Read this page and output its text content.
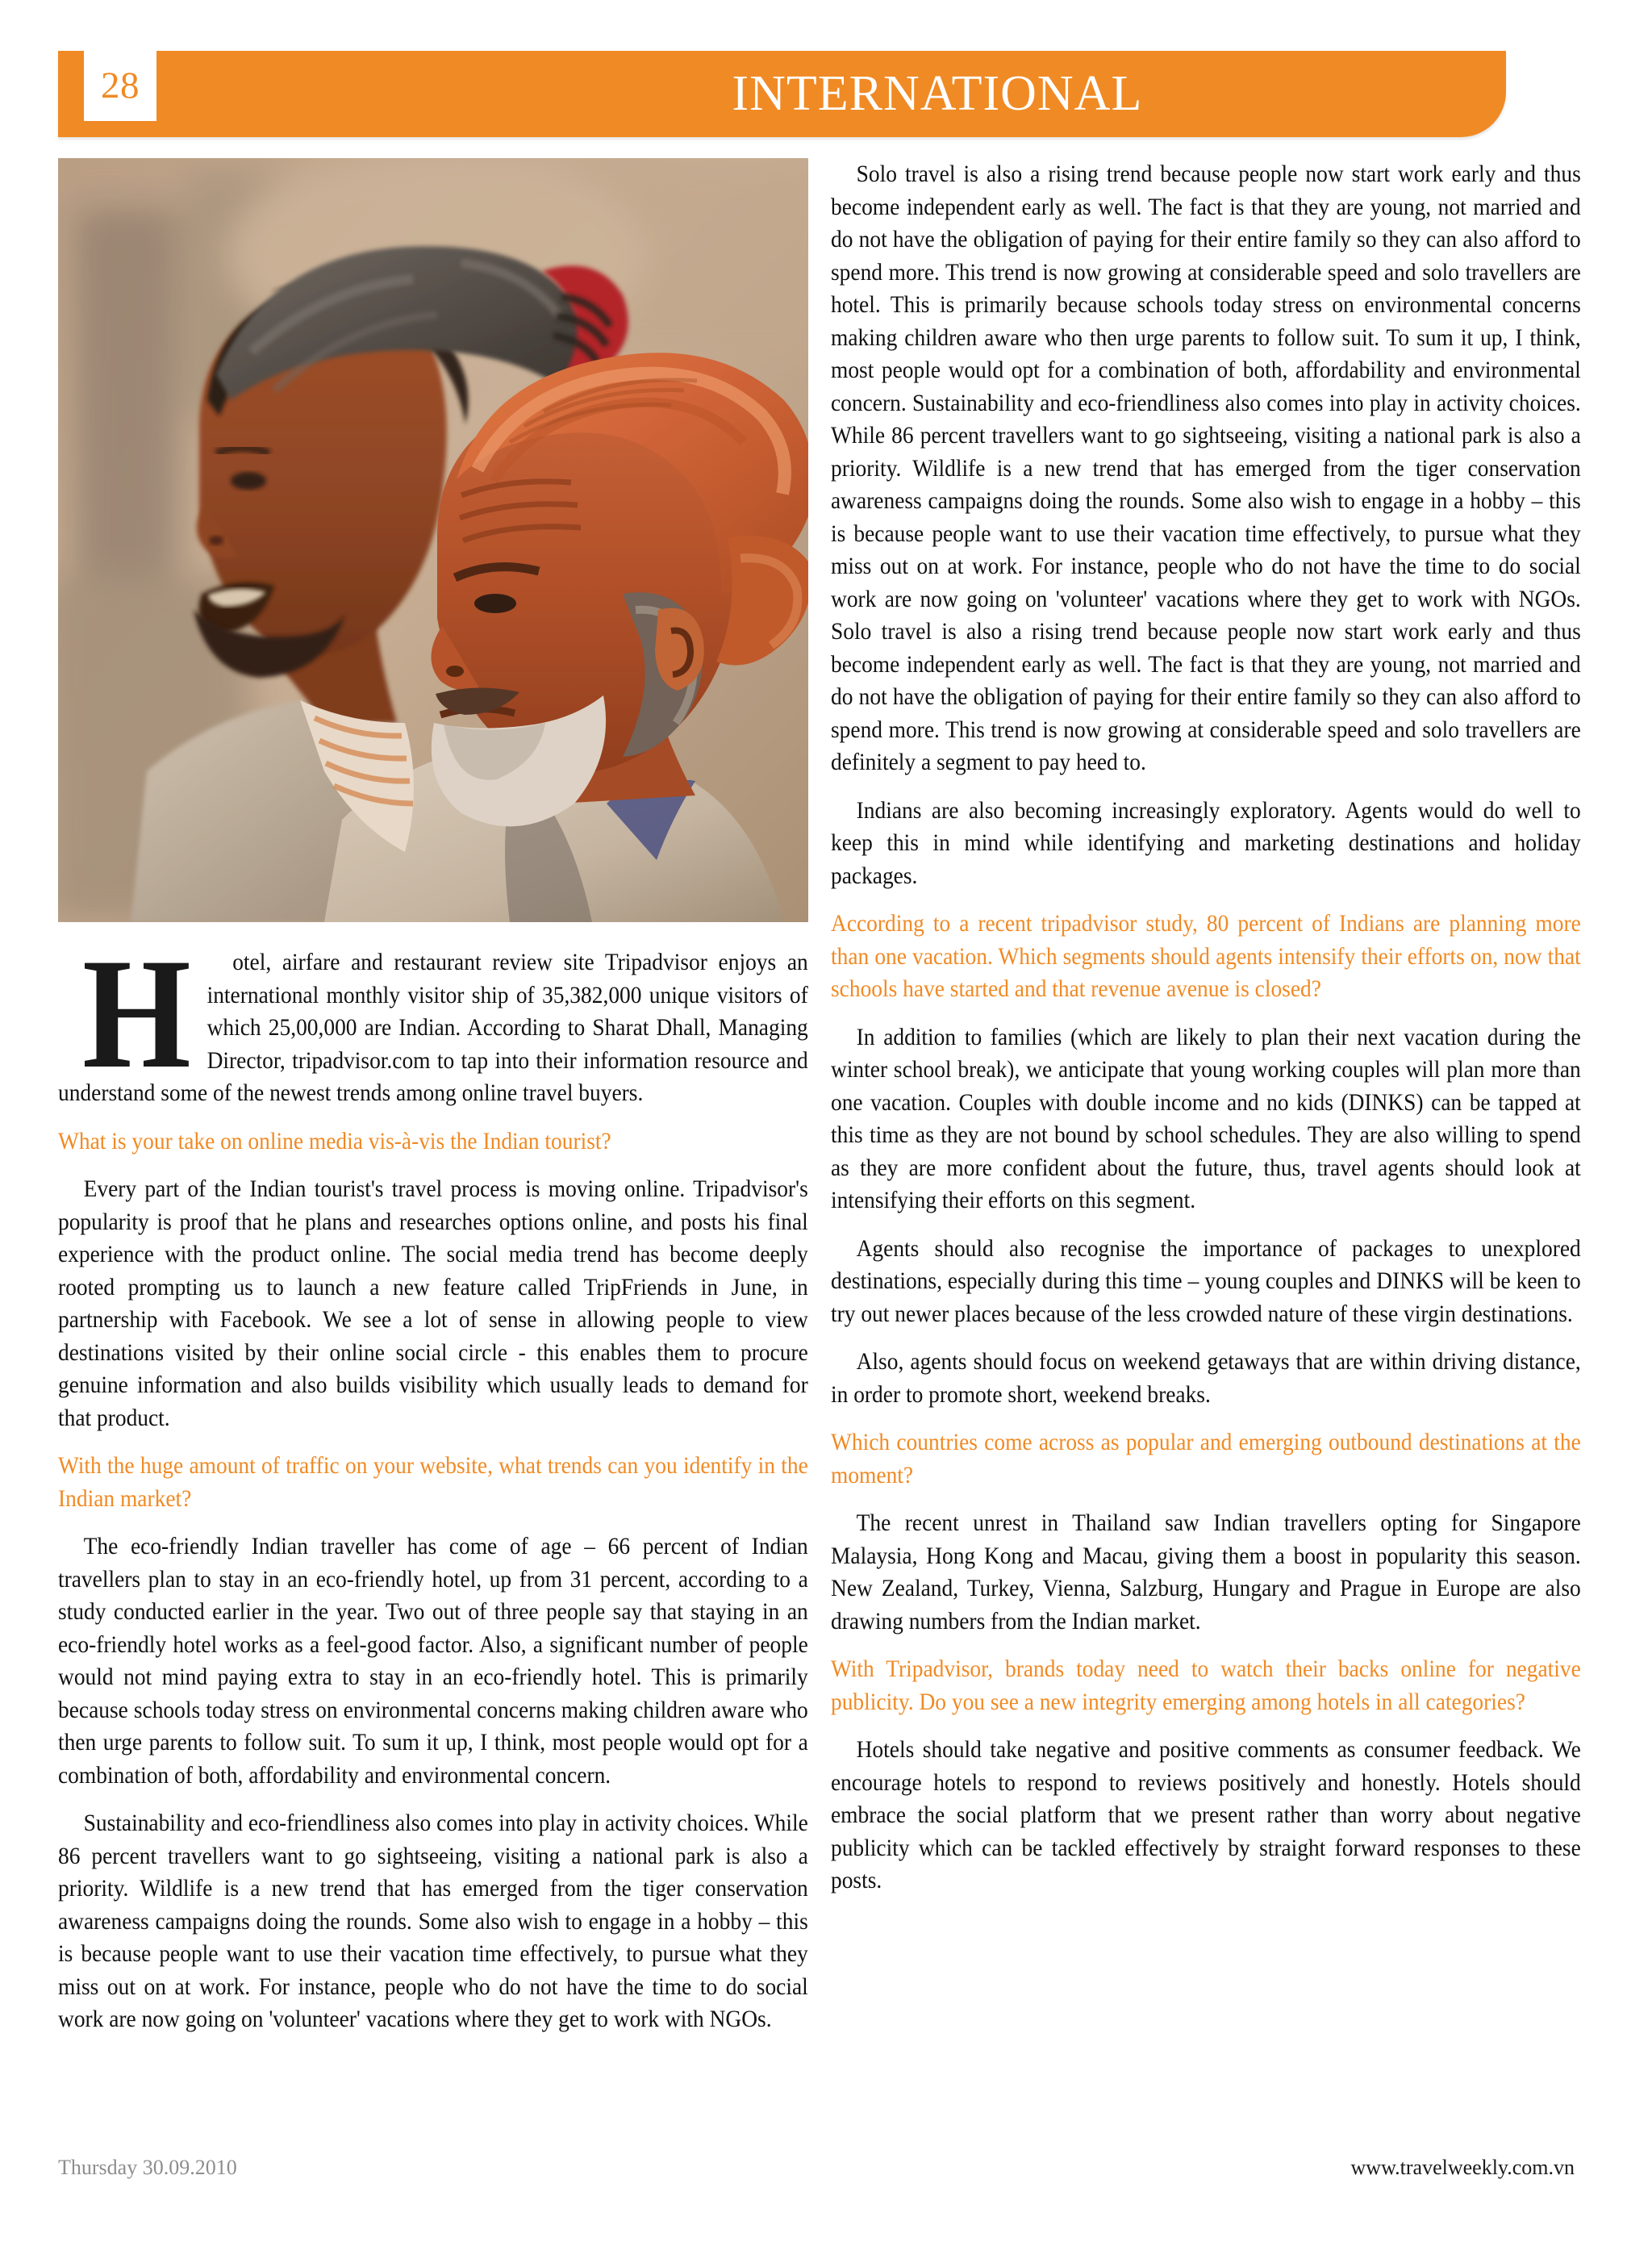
28	INTERNATIONAL NEWS

H otel, airfare and restaurant review site Tripadvisor enjoys an international monthly visitor ship of 35,382,000 unique visitors of which 25,00,000 are Indian. According to Sharat Dhall, Managing Director, tripadvisor.com to tap into their information resource and understand some of the newest trends among online travel buyers.

What is your take on online media vis-à-vis the Indian tourist?

Every part of the Indian tourist's travel process is moving online. Tripadvisor's popularity is proof that he plans and researches options online, and posts his final experience with the product online. The social media trend has become deeply rooted prompting us to launch a new feature called TripFriends in June, in partnership with Facebook. We see a lot of sense in allowing people to view destinations visited by their online social circle - this enables them to procure genuine information and also builds visibility which usually leads to demand for that product.

With the huge amount of traffic on your website, what trends can you identify in the Indian market?

The eco-friendly Indian traveller has come of age – 66 percent of Indian travellers plan to stay in an eco-friendly hotel, up from 31 percent, according to a study conducted earlier in the year. Two out of three people say that staying in an eco-friendly hotel works as a feel-good factor. Also, a significant number of people would not mind paying extra to stay in an eco-friendly hotel. This is primarily because schools today stress on environmental concerns making children aware who then urge parents to follow suit. To sum it up, I think, most people would opt for a combination of both, affordability and environmental concern.

Sustainability and eco-friendliness also comes into play in activity choices. While 86 percent travellers want to go sightseeing, visiting a national park is also a priority. Wildlife is a new trend that has emerged from the tiger conservation awareness campaigns doing the rounds. Some also wish to engage in a hobby – this is because people want to use their vacation time effectively, to pursue what they miss out on at work. For instance, people who do not have the time to do social work are now going on 'volunteer' vacations where they get to work with NGOs.

Solo travel is also a rising trend because people now start work early and thus become independent early as well. The fact is that they are young, not married and do not have the obligation of paying for their entire family so they can also afford to spend more. This trend is now growing at considerable speed and solo travellers are hotel. This is primarily because schools today stress on environmental concerns making children aware who then urge parents to follow suit. To sum it up, I think, most people would opt for a combination of both, affordability and environmental concern. Sustainability and eco-friendliness also comes into play in activity choices. While 86 percent travellers want to go sightseeing, visiting a national park is also a priority. Wildlife is a new trend that has emerged from the tiger conservation awareness campaigns doing the rounds. Some also wish to engage in a hobby – this is because people want to use their vacation time effectively, to pursue what they miss out on at work. For instance, people who do not have the time to do social work are now going on 'volunteer' vacations where they get to work with NGOs. Solo travel is also a rising trend because people now start work early and thus become independent early as well. The fact is that they are young, not married and do not have the obligation of paying for their entire family so they can also afford to spend more. This trend is now growing at considerable speed and solo travellers are definitely a segment to pay heed to.

Indians are also becoming increasingly exploratory. Agents would do well to keep this in mind while identifying and marketing destinations and holiday packages.

According to a recent tripadvisor study, 80 percent of Indians are planning more than one vacation. Which segments should agents intensify their efforts on, now that schools have started and that revenue avenue is closed?

In addition to families (which are likely to plan their next vacation during the winter school break), we anticipate that young working couples will plan more than one vacation. Couples with double income and no kids (DINKS) can be tapped at this time as they are not bound by school schedules. They are also willing to spend as they are more confident about the future, thus, travel agents should look at intensifying their efforts on this segment.

Agents should also recognise the importance of packages to unexplored destinations, especially during this time – young couples and DINKS will be keen to try out newer places because of the less crowded nature of these virgin destinations.

Also, agents should focus on weekend getaways that are within driving distance, in order to promote short, weekend breaks.

Which countries come across as popular and emerging outbound destinations at the moment?

The recent unrest in Thailand saw Indian travellers opting for Singapore Malaysia, Hong Kong and Macau, giving them a boost in popularity this season. New Zealand, Turkey, Vienna, Salzburg, Hungary and Prague in Europe are also drawing numbers from the Indian market.

With Tripadvisor, brands today need to watch their backs online for negative publicity. Do you see a new integrity emerging among hotels in all categories?

Hotels should take negative and positive comments as consumer feedback. We encourage hotels to respond to reviews positively and honestly. Hotels should embrace the social platform that we present rather than worry about negative publicity which can be tackled effectively by straight forward responses to these posts.

Thursday 30.09.2010	www.travelweekly.com.vn
